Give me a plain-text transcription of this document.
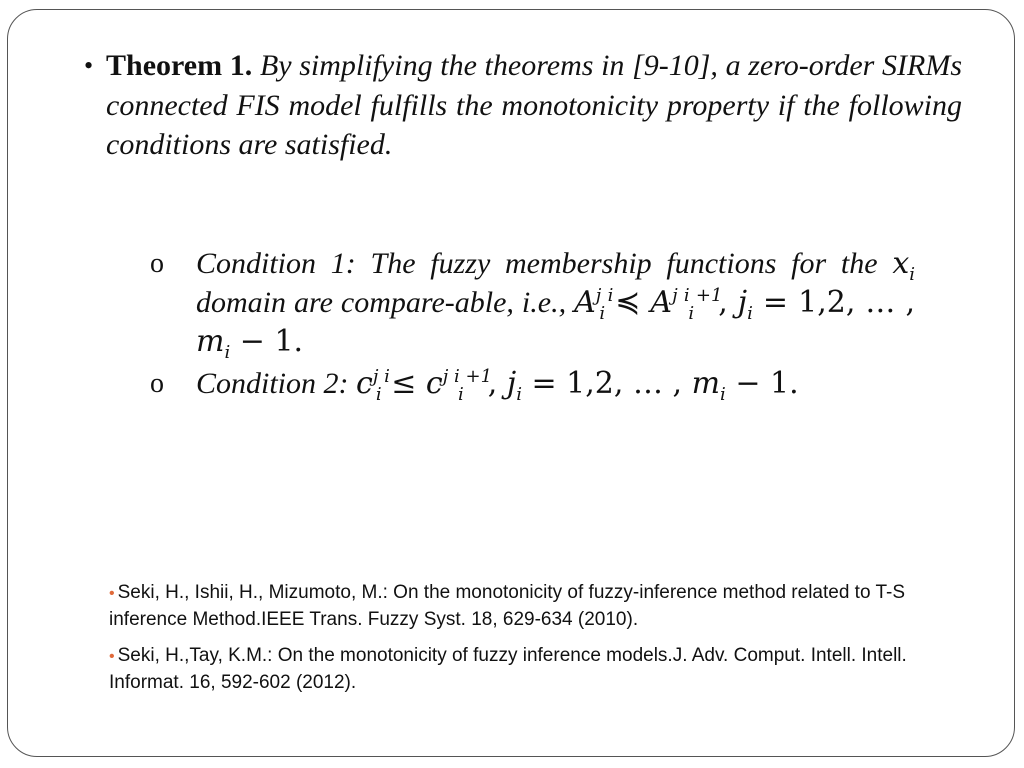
• Theorem 1. By simplifying the theorems in [9-10], a zero-order SIRMs connected FIS model fulfills the monotonicity property if the following conditions are satisfied.
o Condition 1: The fuzzy membership functions for the $x_i$ domain are compare-able, i.e., $A^{j i}_i$ ≼ $A^{j i +1}_i$ , $j_i = 1,2$, … , $m_i - 1$.
o Condition 2: $c^{j i}_i \le c^{j i +1}_i$ , $j_i = 1,2$, … , $m_i - 1$.
• Seki, H., Ishii, H., Mizumoto, M.: On the monotonicity of fuzzy-inference method related to T-S inference Method.IEEE Trans. Fuzzy Syst. 18, 629-634 (2010).
• Seki, H.,Tay, K.M.: On the monotonicity of fuzzy inference models.J. Adv. Comput. Intell. Intell. Informat. 16, 592-602 (2012).
